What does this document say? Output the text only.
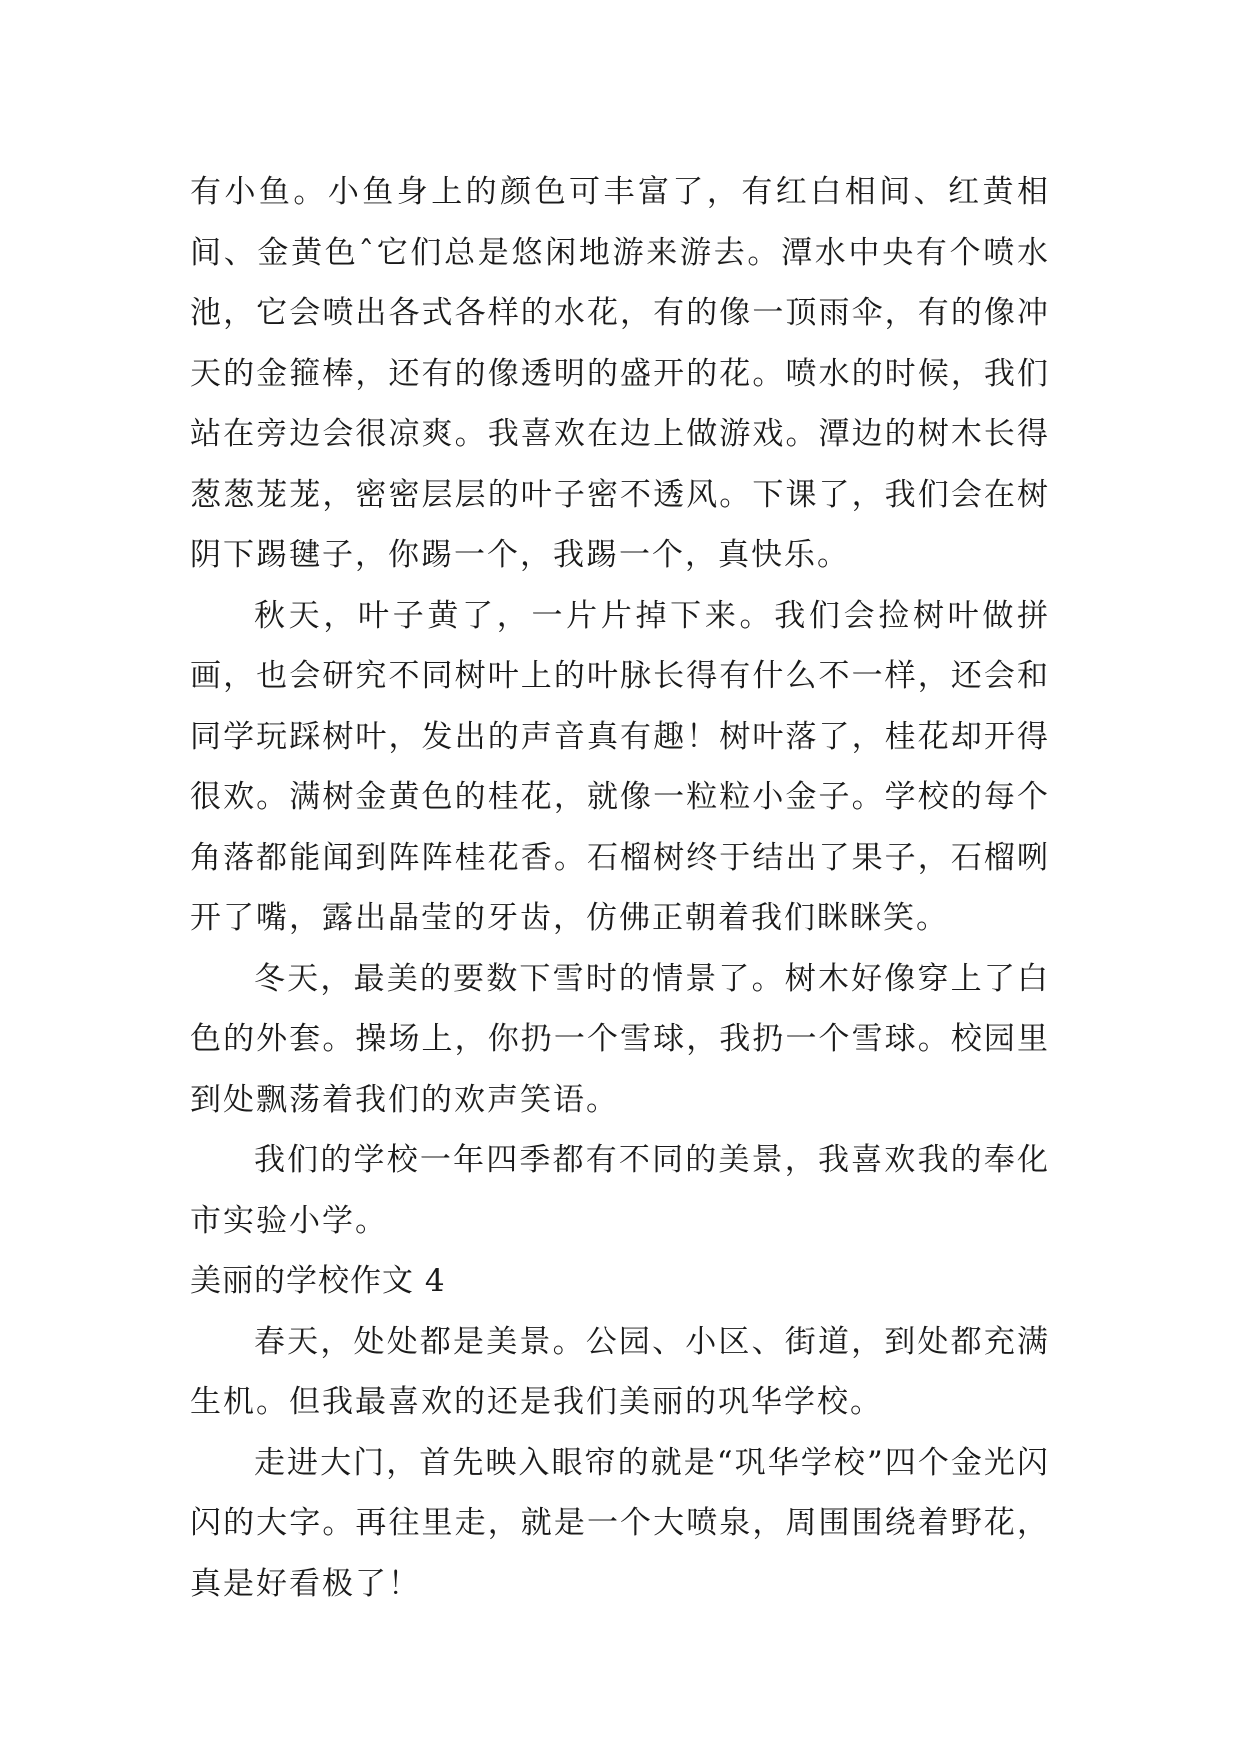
有小鱼。小鱼身上的颜色可丰富了，有红白相间、红黄相间、金黄色ˆ它们总是悠闲地游来游去。潭水中央有个喷水池，它会喷出各式各样的水花，有的像一顶雨伞，有的像冲天的金箍棒，还有的像透明的盛开的花。喷水的时候，我们站在旁边会很凉爽。我喜欢在边上做游戏。潭边的树木长得葱葱茏茏，密密层层的叶子密不透风。下课了，我们会在树阴下踢毽子，你踢一个，我踢一个，真快乐。

秋天，叶子黄了，一片片掉下来。我们会捡树叶做拼画，也会研究不同树叶上的叶脉长得有什么不一样，还会和同学玩踩树叶，发出的声音真有趣！树叶落了，桂花却开得很欢。满树金黄色的桂花，就像一粒粒小金子。学校的每个角落都能闻到阵阵桂花香。石榴树终于结出了果子，石榴咧开了嘴，露出晶莹的牙齿，仿佛正朝着我们眯眯笑。

冬天，最美的要数下雪时的情景了。树木好像穿上了白色的外套。操场上，你扔一个雪球，我扔一个雪球。校园里到处飘荡着我们的欢声笑语。

我们的学校一年四季都有不同的美景，我喜欢我的奉化市实验小学。

美丽的学校作文 4

春天，处处都是美景。公园、小区、街道，到处都充满生机。但我最喜欢的还是我们美丽的巩华学校。

走进大门，首先映入眼帘的就是“巩华学校”四个金光闪闪的大字。再往里走，就是一个大喷泉，周围围绕着野花，真是好看极了！
